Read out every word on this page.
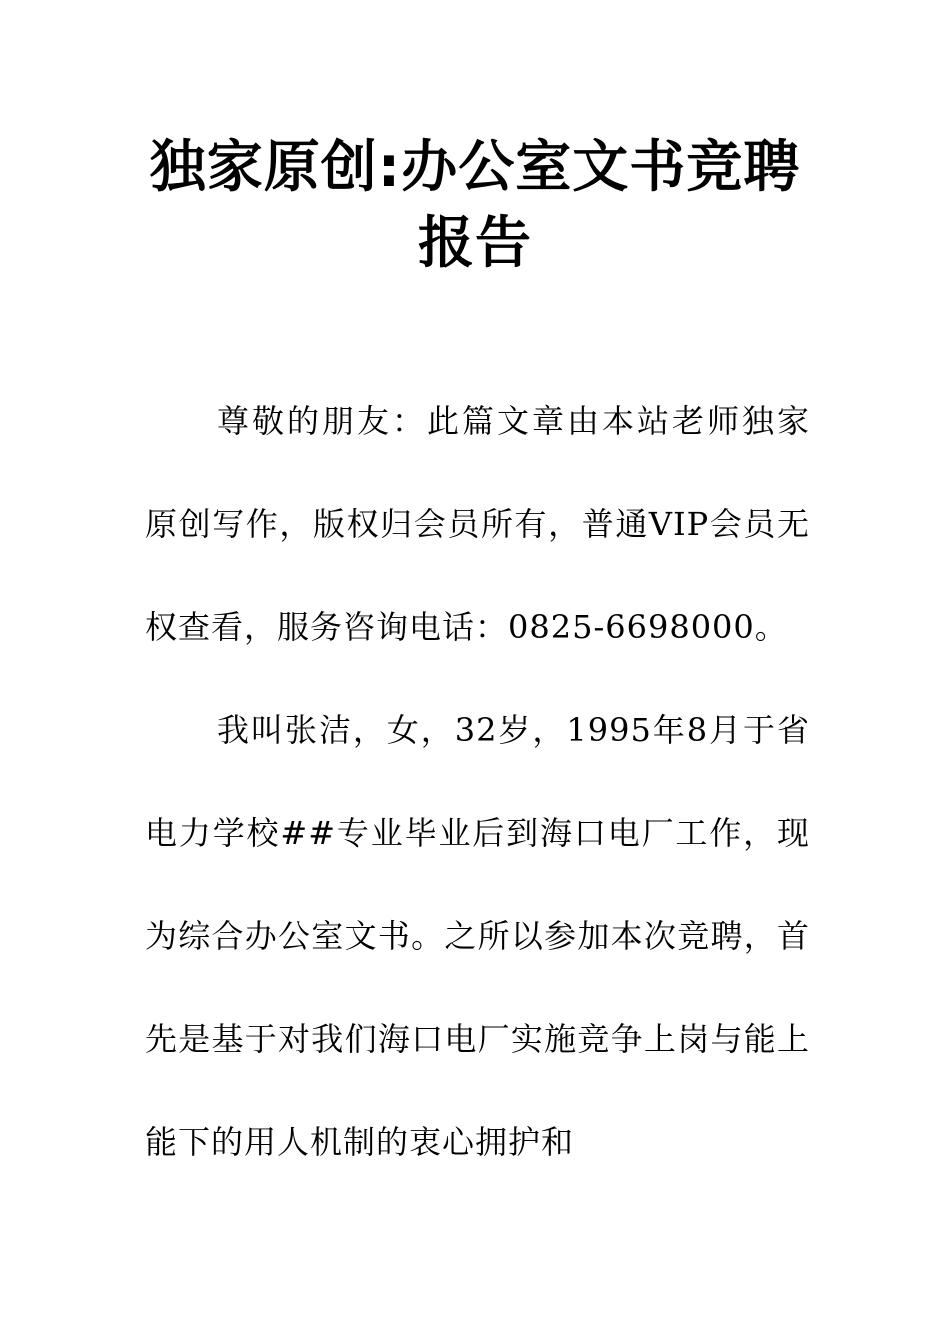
独家原创:办公室文书竞聘报告

尊敬的朋友：此篇文章由本站老师独家原创写作，版权归会员所有，普通VIP会员无权查看，服务咨询电话：0825-6698000。

我叫张洁，女，32岁，1995年8月于省电力学校##专业毕业后到海口电厂工作，现为综合办公室文书。之所以参加本次竞聘，首先是基于对我们海口电厂实施竞争上岗与能上能下的用人机制的衷心拥护和
